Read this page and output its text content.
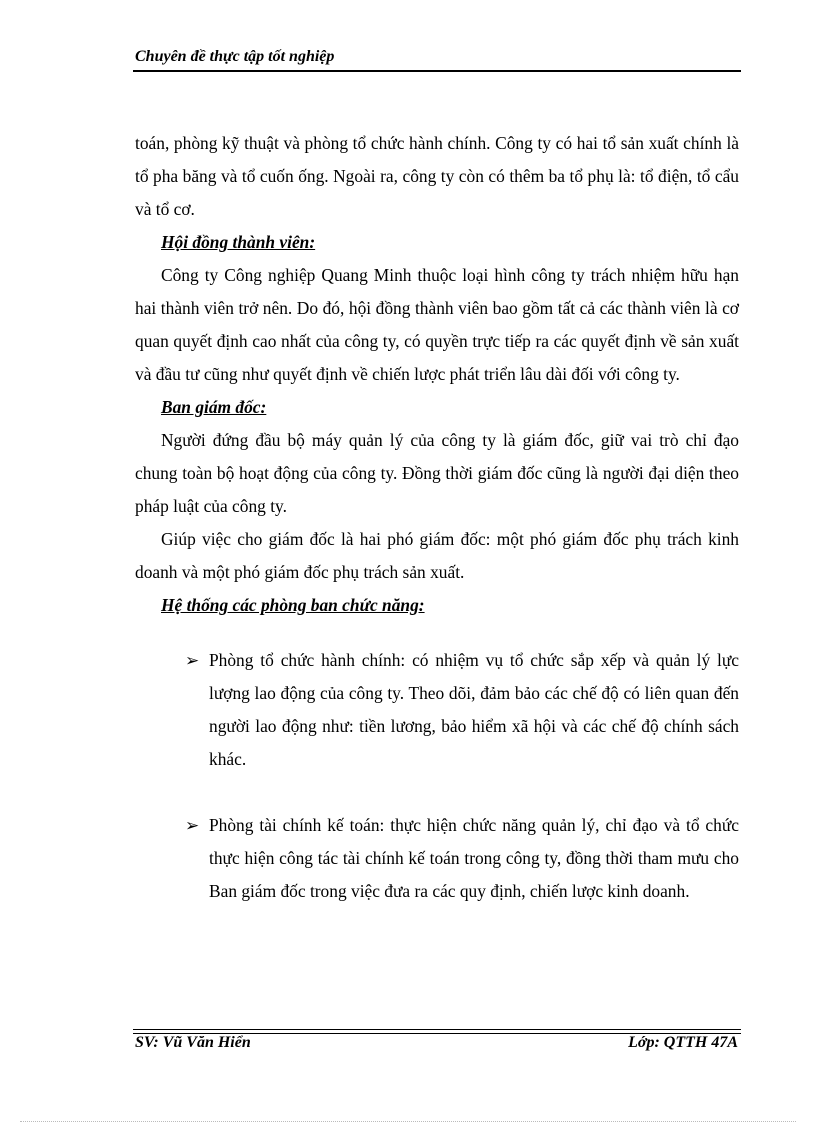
Chuyên đề thực tập tốt nghiệp

toán, phòng kỹ thuật và phòng tổ chức hành chính. Công ty có hai tổ sản xuất chính là tổ pha băng và tổ cuốn ống. Ngoài ra, công ty còn có thêm ba tổ phụ là: tổ điện, tổ cẩu và tổ cơ.

Hội đồng thành viên:

Công ty Công nghiệp Quang Minh thuộc loại hình công ty trách nhiệm hữu hạn hai thành viên trở nên. Do đó, hội đồng thành viên bao gồm tất cả các thành viên là cơ quan quyết định cao nhất của công ty, có quyền trực tiếp ra các quyết định về sản xuất và đầu tư cũng như quyết định về chiến lược phát triển lâu dài đối với công ty.

Ban giám đốc:

Người đứng đầu bộ máy quản lý của công ty là giám đốc, giữ vai trò chỉ đạo chung toàn bộ hoạt động của công ty. Đồng thời giám đốc cũng là người đại diện theo pháp luật của công ty.

Giúp việc cho giám đốc là hai phó giám đốc: một phó giám đốc phụ trách kinh doanh và một phó giám đốc phụ trách sản xuất.

Hệ thống các phòng ban chức năng:

➢ Phòng tổ chức hành chính: có nhiệm vụ tổ chức sắp xếp và quản lý lực lượng lao động của công ty. Theo dõi, đảm bảo các chế độ có liên quan đến người lao động như: tiền lương, bảo hiểm xã hội và các chế độ chính sách khác.
➢ Phòng tài chính kế toán: thực hiện chức năng quản lý, chỉ đạo và tổ chức thực hiện công tác tài chính kế toán trong công ty, đồng thời tham mưu cho Ban giám đốc trong việc đưa ra các quy định, chiến lược kinh doanh.
SV: Vũ Văn Hiển	Lớp: QTTH 47A
